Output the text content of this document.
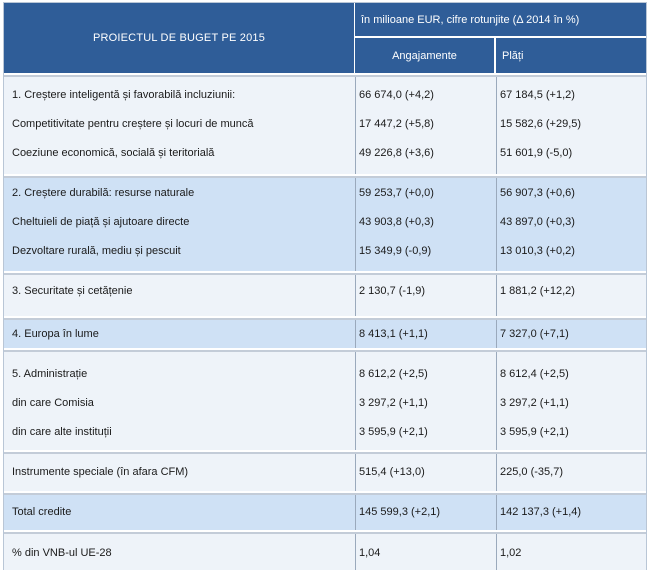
PROIECTUL DE BUGET PE 2015
în milioane EUR, cifre rotunjite (Δ 2014 în %)
Angajamente	Plăți
1. Creștere inteligentă și favorabilă incluziunii:	66 674,0 (+4,2)	67 184,5 (+1,2)
Competitivitate pentru creștere și locuri de muncă	17 447,2 (+5,8)	15 582,6 (+29,5)
Coeziune economică, socială și teritorială	49 226,8 (+3,6)	51 601,9 (-5,0)
2. Creștere durabilă: resurse naturale	59 253,7 (+0,0)	56 907,3 (+0,6)
Cheltuieli de piață și ajutoare directe	43 903,8 (+0,3)	43 897,0 (+0,3)
Dezvoltare rurală, mediu și pescuit	15 349,9 (-0,9)	13 010,3 (+0,2)
3. Securitate și cetățenie	2 130,7 (-1,9)	1 881,2 (+12,2)
4. Europa în lume	8 413,1 (+1,1)	7 327,0 (+7,1)
5. Administrație	8 612,2 (+2,5)	8 612,4 (+2,5)
din care Comisia	3 297,2 (+1,1)	3 297,2 (+1,1)
din care alte instituții	3 595,9 (+2,1)	3 595,9 (+2,1)
Instrumente speciale (în afara CFM)	515,4 (+13,0)	225,0 (-35,7)
Total credite	145 599,3 (+2,1)	142 137,3 (+1,4)
% din VNB-ul UE-28	1,04	1,02
